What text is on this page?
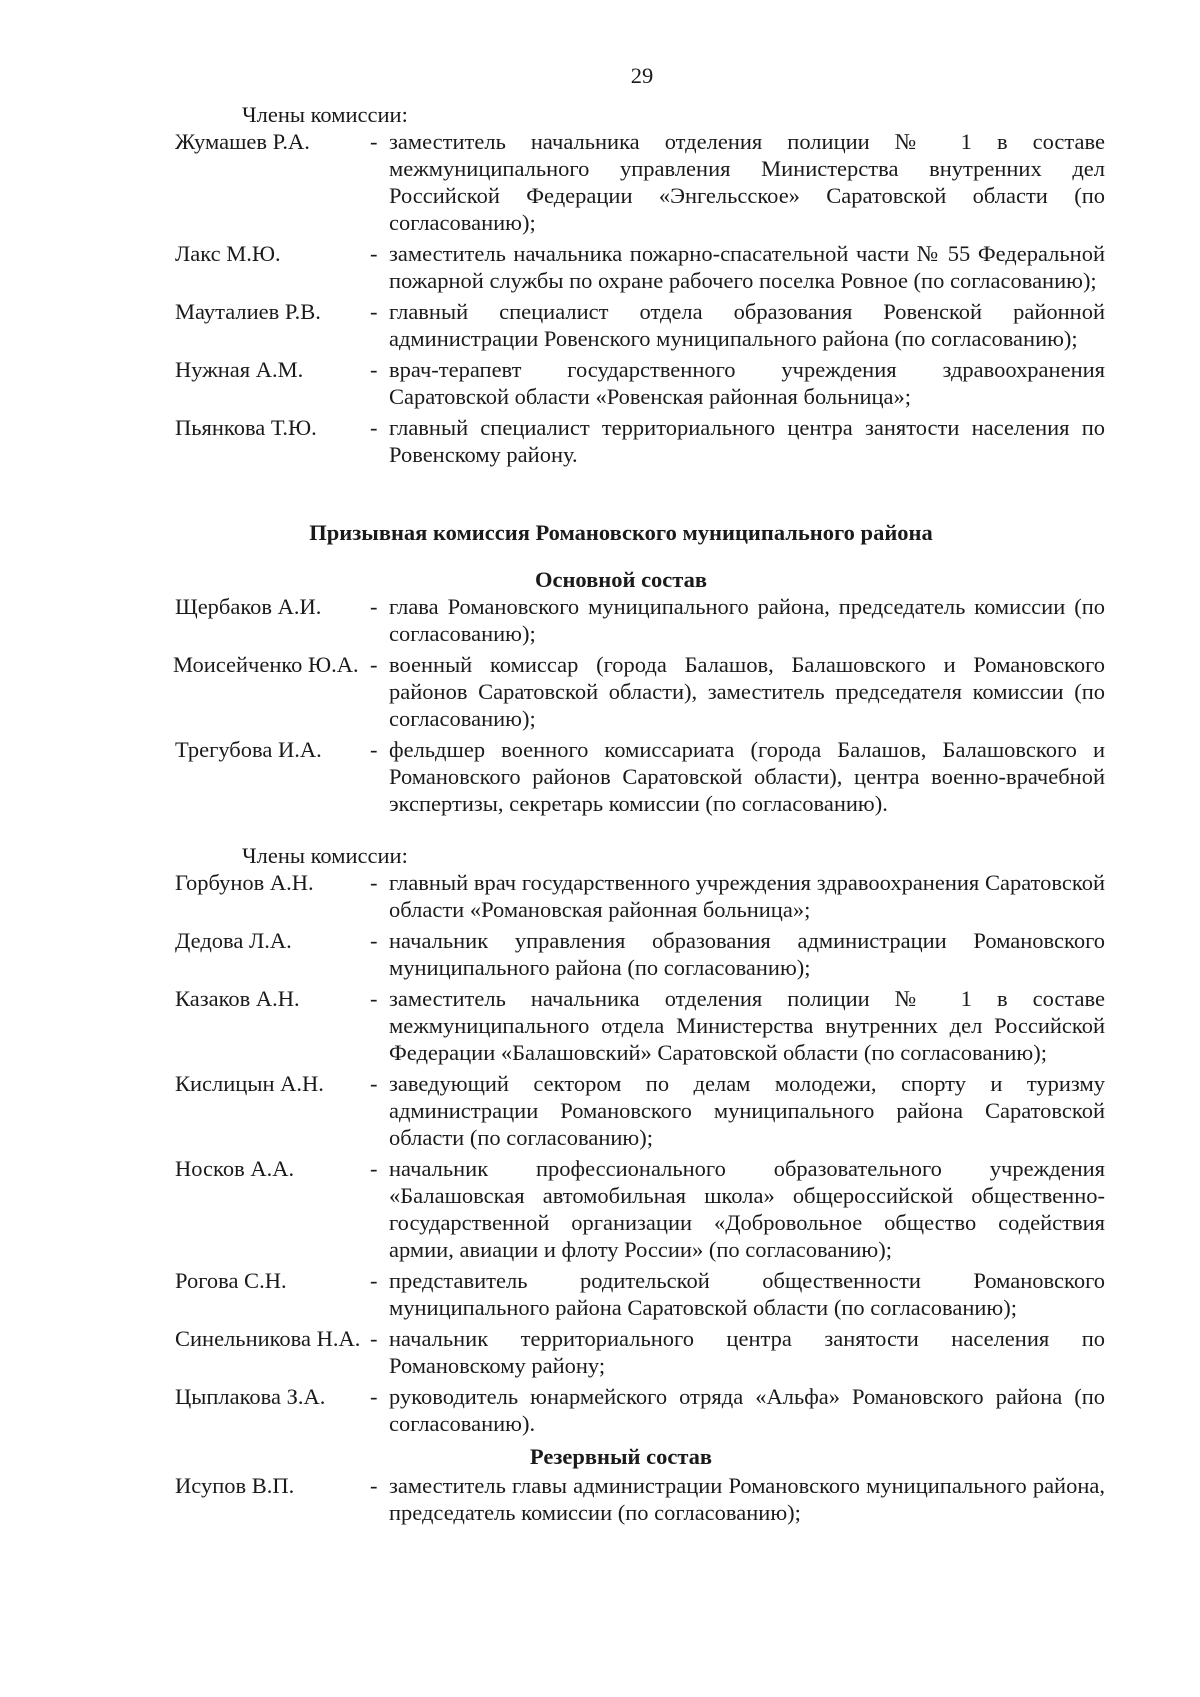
29
Члены комиссии:
Жумашев Р.А.	- заместитель начальника отделения полиции № 1 в составе межмуниципального управления Министерства внутренних дел Российской Федерации «Энгельсское» Саратовской области (по согласованию);
Лакс М.Ю.	- заместитель начальника пожарно-спасательной части № 55 Федеральной пожарной службы по охране рабочего поселка Ровное (по согласованию);
Мауталиев Р.В. - главный специалист отдела образования Ровенской районной администрации Ровенского муниципального района (по согласованию);
Нужная А.М.	- врач-терапевт государственного учреждения здравоохранения Саратовской области «Ровенская районная больница»;
Пьянкова Т.Ю. - главный специалист территориального центра занятости населения по Ровенскому району.
Призывная комиссия Романовского муниципального района
Основной состав
Щербаков А.И. - глава Романовского муниципального района, председатель комиссии (по согласованию);
Моисейченко Ю.А. - военный комиссар (города Балашов, Балашовского и Романовского районов Саратовской области), заместитель председателя комиссии (по согласованию);
Трегубова И.А. - фельдшер военного комиссариата (города Балашов, Балашовского и Романовского районов Саратовской области), центра военно-врачебной экспертизы, секретарь комиссии (по согласованию).
Члены комиссии:
Горбунов А.Н.	- главный врач государственного учреждения здравоохранения Саратовской области «Романовская районная больница»;
Дедова Л.А.	- начальник управления образования администрации Романовского муниципального района (по согласованию);
Казаков А.Н.	- заместитель начальника отделения полиции № 1 в составе межмуниципального отдела Министерства внутренних дел Российской Федерации «Балашовский» Саратовской области (по согласованию);
Кислицын А.Н. - заведующий сектором по делам молодежи, спорту и туризму администрации Романовского муниципального района Саратовской области (по согласованию);
Носков А.А.	- начальник профессионального образовательного учреждения «Балашовская автомобильная школа» общероссийской общественно-государственной организации «Добровольное общество содействия армии, авиации и флоту России» (по согласованию);
Рогова С.Н.	- представитель родительской общественности Романовского муниципального района Саратовской области (по согласованию);
Синельникова Н.А. - начальник территориального центра занятости населения по Романовскому району;
Цыплакова З.А. - руководитель юнармейского отряда «Альфа» Романовского района (по согласованию).
Резервный состав
Исупов В.П.	- заместитель главы администрации Романовского муниципального района, председатель комиссии (по согласованию);
